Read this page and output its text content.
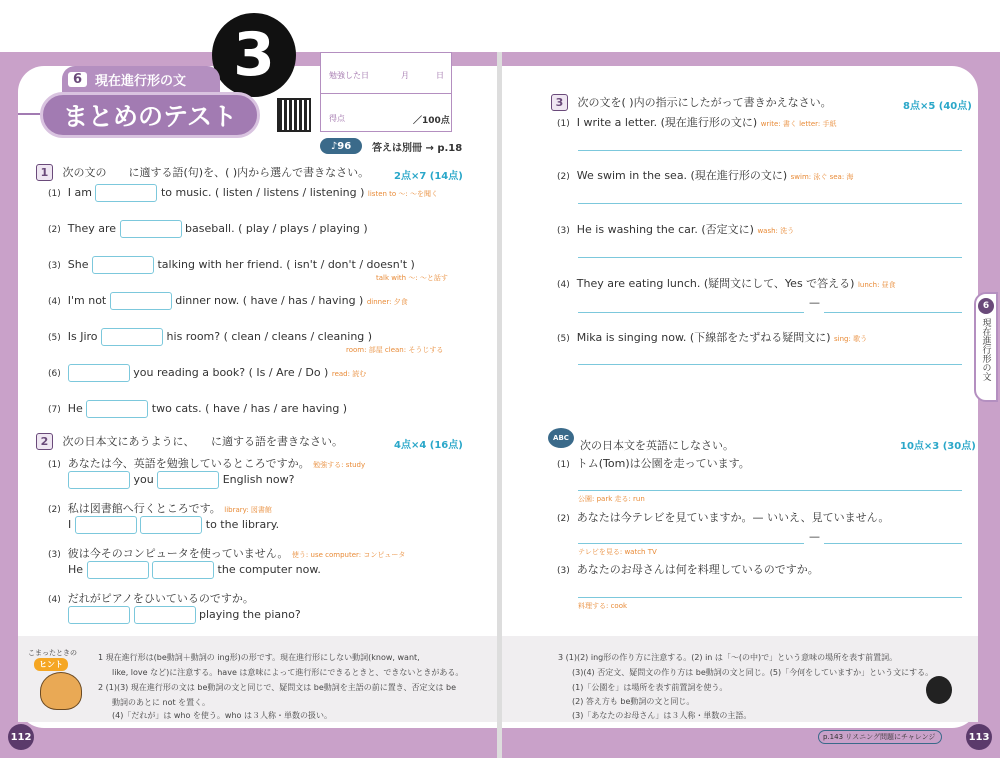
3
6	現在進行形の文
まとめのテスト
勉強した日	月	日
得点	／100点
♪ 96 答えは別冊 → p.18
1 次の文の　　に適する語(句)を、( )内から選んで書きなさい。 2点×7 (14点)
(1) I am	to music. ( listen / listens / listening ) listen to ～: ～を聞く
(2) They are	baseball. ( play / plays / playing )
(3) She	talking with her friend. ( isn't / don't / doesn't )
talk with ～: ～と話す
(4) I'm not	dinner now. ( have / has / having ) dinner: 夕食
(5) Is Jiro	his room? ( clean / cleans / cleaning )
room: 部屋 clean: そうじする
(6)	you reading a book? ( Is / Are / Do ) read: 読む
(7) He	two cats. ( have / has / are having )
2 次の日本文にあうように、　　に適する語を書きなさい。	4点×4 (16点)
(1) あなたは今、英語を勉強しているところですか。 勉強する: study
you	English now?
(2) 私は図書館へ行くところです。 library: 図書館
I	to the library.
(3) 彼は今そのコンピュータを使っていません。 使う: use computer: コンピュータ
He	the computer now.
(4) だれがピアノをひいているのですか。
playing the piano?
こまったときの
ヒント
1 現在進行形は(be動詞＋動詞の ing形)の形です。現在進行形にしない動詞(know, want,
like, love など)に注意する。have は意味によって進行形にできるときと、できないときがある。
2 (1)(3) 現在進行形の文は be動詞の文と同じで、疑問文は be動詞を主語の前に置き、否定文は be
動詞のあとに not を置く。
(4)「だれが」は who を使う。who は３人称・単数の扱い。
112
3 次の文を( )内の指示にしたがって書きかえなさい。	8点×5 (40点)
(1) I write a letter. (現在進行形の文に) write: 書く letter: 手紙
(2) We swim in the sea. (現在進行形の文に) swim: 泳ぐ sea: 海
(3) He is washing the car. (否定文に) wash: 洗う
(4) They are eating lunch. (疑問文にして、Yes で答える) lunch: 昼食
—
(5) Mika is singing now. (下線部をたずねる疑問文に) sing: 歌う
ABC
次の日本文を英語にしなさい。	10点×3 (30点)
(1) トム(Tom)は公園を走っています。
公園: park 走る: run
(2) あなたは今テレビを見ていますか。— いいえ、見ていません。
—
テレビを見る: watch TV
(3) あなたのお母さんは何を料理しているのですか。
料理する: cook
6
現在進行形の文
3 (1)(2) ing形の作り方に注意する。(2) in は「～(の中)で」という意味の場所を表す前置詞。
(3)(4) 否定文、疑問文の作り方は be動詞の文と同じ。(5)「今何をしていますか」という文にする。
(1)「公園を」は場所を表す前置詞を使う。
(2) 答え方も be動詞の文と同じ。
(3)「あなたのお母さん」は３人称・単数の主語。
p.143 リスニング問題にチャレンジ	113
